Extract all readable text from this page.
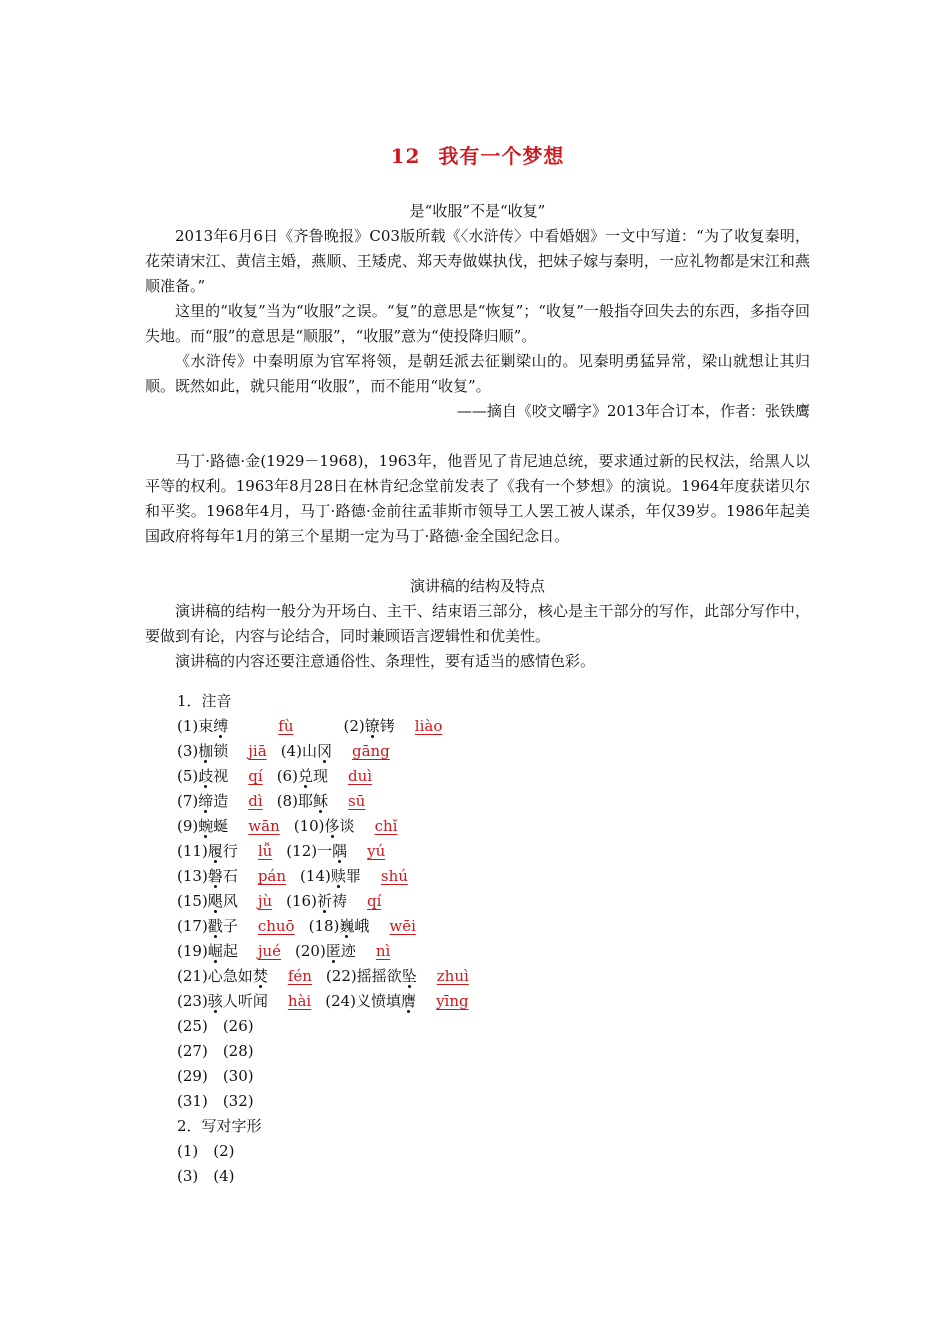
12 我有一个梦想

是“收服”不是“收复”

2013年6月6日《齐鲁晚报》C03版所载《〈水浒传〉中看婚姻》一文中写道：“为了收复秦明，花荣请宋江、黄信主婚，燕顺、王矮虎、郑天寿做媒执伐，把妹子嫁与秦明，一应礼物都是宋江和燕顺准备。”

这里的“收复”当为“收服”之误。“复”的意思是“恢复”；“收复”一般指夺回失去的东西，多指夺回失地。而“服”的意思是“顺服”，“收服”意为“使投降归顺”。

《水浒传》中秦明原为官军将领，是朝廷派去征剿梁山的。见秦明勇猛异常，梁山就想让其归顺。既然如此，就只能用“收服”，而不能用“收复”。

——摘自《咬文嚼字》2013年合订本，作者：张铁鹰

马丁·路德·金(1929－1968)，1963年，他晋见了肯尼迪总统，要求通过新的民权法，给黑人以平等的权利。1963年8月28日在林肯纪念堂前发表了《我有一个梦想》的演说。1964年度获诺贝尔和平奖。1968年4月，马丁·路德·金前往孟菲斯市领导工人罢工被人谋杀，年仅39岁。1986年起美国政府将每年1月的第三个星期一定为马丁·路德·金全国纪念日。

演讲稿的结构及特点

演讲稿的结构一般分为开场白、主干、结束语三部分，核心是主干部分的写作，此部分写作中，要做到有论，内容与论结合，同时兼顾语言逻辑性和优美性。

演讲稿的内容还要注意通俗性、条理性，要有适当的感情色彩。

1．注音

(1)束缚	fù	(2)镣铐 liào

(3)枷锁 jiā (4)山冈 gāng

(5)歧视 qí (6)兑现 duì

(7)缔造 dì (8)耶稣 sū

(9)蜿蜒 wān (10)侈谈 chǐ

(11)履行 lǚ (12)一隅 yú

(13)磐石 pán (14)赎罪 shú

(15)飓风 jù (16)祈祷 qí

(17)戳子 chuō (18)巍峨 wēi

(19)崛起 jué (20)匿迹 nì

(21)心急如焚 fén (22)摇摇欲坠 zhuì

(23)骇人听闻 hài (24)义愤填膺 yīng

(25)　 (26)

(27)　 (28)

(29)　 (30)

(31)　 (32)

2．写对字形

(1)　 (2)

(3)　 (4)
